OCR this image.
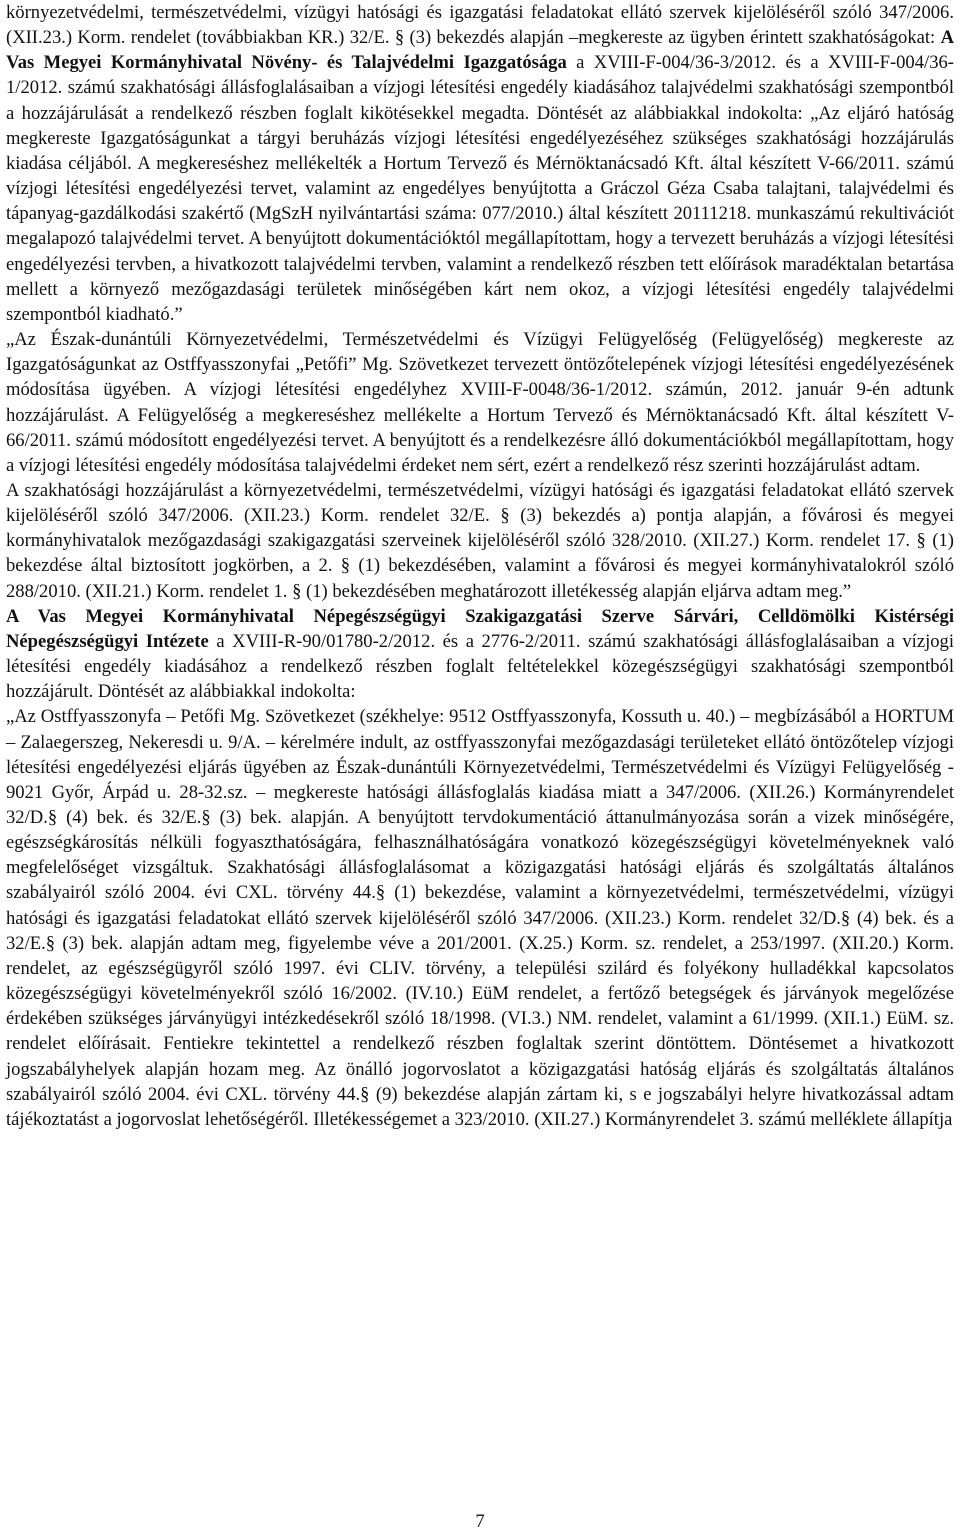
környezetvédelmi, természetvédelmi, vízügyi hatósági és igazgatási feladatokat ellátó szervek kijelöléséről szóló 347/2006. (XII.23.) Korm. rendelet (továbbiakban KR.) 32/E. § (3) bekezdés alapján –megkereste az ügyben érintett szakhatóságokat: A Vas Megyei Kormányhivatal Növény- és Talajvédelmi Igazgatósága a XVIII-F-004/36-3/2012. és a XVIII-F-004/36-1/2012. számú szakhatósági állásfoglalásaiban a vízjogi létesítési engedély kiadásához talajvédelmi szakhatósági szempontból a hozzájárulását a rendelkező részben foglalt kikötésekkel megadta. Döntését az alábbiakkal indokolta: „Az eljáró hatóság megkereste Igazgatóságunkat a tárgyi beruházás vízjogi létesítési engedélyezéséhez szükséges szakhatósági hozzájárulás kiadása céljából. A megkereséshez mellékelték a Hortum Tervező és Mérnöktanácsadó Kft. által készített V-66/2011. számú vízjogi létesítési engedélyezési tervet, valamint az engedélyes benyújtotta a Gráczol Géza Csaba talajtani, talajvédelmi és tápanyag-gazdálkodási szakértő (MgSzH nyilvántartási száma: 077/2010.) által készített 20111218. munkaszámú rekultivációt megalapozó talajvédelmi tervet. A benyújtott dokumentációktól megállapítottam, hogy a tervezett beruházás a vízjogi létesítési engedélyezési tervben, a hivatkozott talajvédelmi tervben, valamint a rendelkező részben tett előírások maradéktalan betartása mellett a környező mezőgazdasági területek minőségében kárt nem okoz, a vízjogi létesítési engedély talajvédelmi szempontból kiadható.”

„Az Észak-dunántúli Környezetvédelmi, Természetvédelmi és Vízügyi Felügyelőség (Felügyelőség) megkereste az Igazgatóságunkat az Ostffyasszonyfai „Petőfi” Mg. Szövetkezet tervezett öntözőtelepének vízjogi létesítési engedélyezésének módosítása ügyében. A vízjogi létesítési engedélyhez XVIII-F-0048/36-1/2012. számún, 2012. január 9-én adtunk hozzájárulást. A Felügyelőség a megkereséshez mellékelte a Hortum Tervező és Mérnöktanácsadó Kft. által készített V-66/2011. számú módosított engedélyezési tervet. A benyújtott és a rendelkezésre álló dokumentációkból megállapítottam, hogy a vízjogi létesítési engedély módosítása talajvédelmi érdeket nem sért, ezért a rendelkező rész szerinti hozzájárulást adtam.

A szakhatósági hozzájárulást a környezetvédelmi, természetvédelmi, vízügyi hatósági és igazgatási feladatokat ellátó szervek kijelöléséről szóló 347/2006. (XII.23.) Korm. rendelet 32/E. § (3) bekezdés a) pontja alapján, a fővárosi és megyei kormányhivatalok mezőgazdasági szakigazgatási szerveinek kijelöléséről szóló 328/2010. (XII.27.) Korm. rendelet 17. § (1) bekezdése által biztosított jogkörben, a 2. § (1) bekezdésében, valamint a fővárosi és megyei kormányhivatalokról szóló 288/2010. (XII.21.) Korm. rendelet 1. § (1) bekezdésében meghatározott illetékesség alapján eljárva adtam meg.”

A Vas Megyei Kormányhivatal Népegészségügyi Szakigazgatási Szerve Sárvári, Celldömölki Kistérségi Népegészségügyi Intézete a XVIII-R-90/01780-2/2012. és a 2776-2/2011. számú szakhatósági állásfoglalásaiban a vízjogi létesítési engedély kiadásához a rendelkező részben foglalt feltételekkel közegészségügyi szakhatósági szempontból hozzájárult. Döntését az alábbiakkal indokolta:

„Az Ostffyasszonyfa – Petőfi Mg. Szövetkezet (székhelye: 9512 Ostffyasszonyfa, Kossuth u. 40.) – megbízásából a HORTUM – Zalaegerszeg, Nekeresdi u. 9/A. – kérelmére indult, az ostffyasszonyfai mezőgazdasági területeket ellátó öntözőtelep vízjogi létesítési engedélyezési eljárás ügyében az Észak-dunántúli Környezetvédelmi, Természetvédelmi és Vízügyi Felügyelőség - 9021 Győr, Árpád u. 28-32.sz. – megkereste hatósági állásfoglalás kiadása miatt a 347/2006. (XII.26.) Kormányrendelet 32/D.§ (4) bek. és 32/E.§ (3) bek. alapján. A benyújtott tervdokumentáció áttanulmányozása során a vizek minőségére, egészségkárosítás nélküli fogyaszthatóságára, felhasználhatóságára vonatkozó közegészségügyi követelményeknek való megfelelőséget vizsgáltuk. Szakhatósági állásfoglalásomat a közigazgatási hatósági eljárás és szolgáltatás általános szabályairól szóló 2004. évi CXL. törvény 44.§ (1) bekezdése, valamint a környezetvédelmi, természetvédelmi, vízügyi hatósági és igazgatási feladatokat ellátó szervek kijelöléséről szóló 347/2006. (XII.23.) Korm. rendelet 32/D.§ (4) bek. és a 32/E.§ (3) bek. alapján adtam meg, figyelembe véve a 201/2001. (X.25.) Korm. sz. rendelet, a 253/1997. (XII.20.) Korm. rendelet, az egészségügyről szóló 1997. évi CLIV. törvény, a települési szilárd és folyékony hulladékkal kapcsolatos közegészségügyi követelményekről szóló 16/2002. (IV.10.) EüM rendelet, a fertőző betegségek és járványok megelőzése érdekében szükséges járványügyi intézkedésekről szóló 18/1998. (VI.3.) NM. rendelet, valamint a 61/1999. (XII.1.) EüM. sz. rendelet előírásait. Fentiekre tekintettel a rendelkező részben foglaltak szerint döntöttem. Döntésemet a hivatkozott jogszabályhelyek alapján hozam meg. Az önálló jogorvoslatot a közigazgatási hatóság eljárás és szolgáltatás általános szabályairól szóló 2004. évi CXL. törvény 44.§ (9) bekezdése alapján zártam ki, s e jogszabályi helyre hivatkozással adtam tájékoztatást a jogorvoslat lehetőségéről. Illetékességemet a 323/2010. (XII.27.) Kormányrendelet 3. számú melléklete állapítja

7
